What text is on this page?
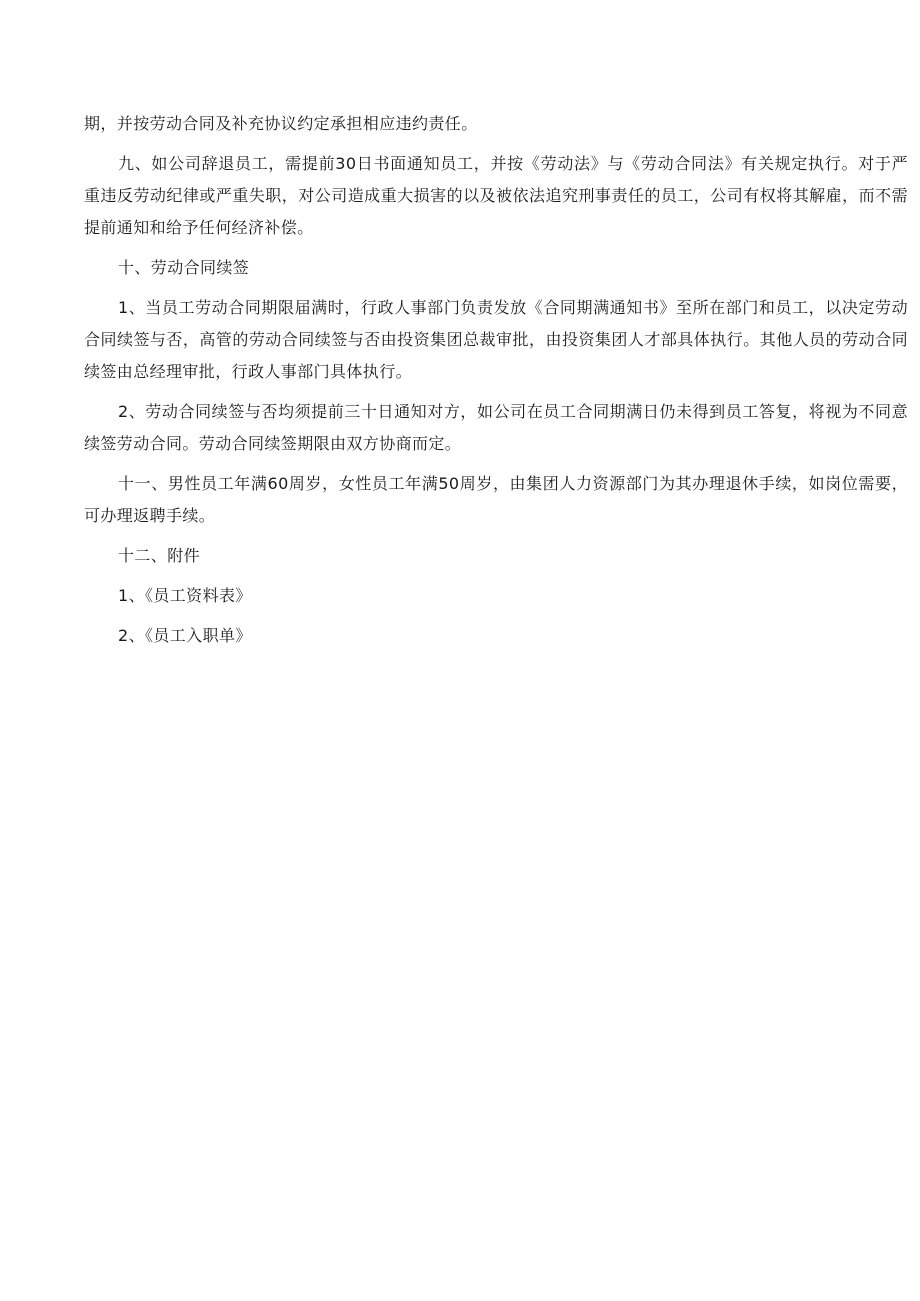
期，并按劳动合同及补充协议约定承担相应违约责任。

九、如公司辞退员工，需提前30日书面通知员工，并按《劳动法》与《劳动合同法》有关规定执行。对于严重违反劳动纪律或严重失职，对公司造成重大损害的以及被依法追究刑事责任的员工，公司有权将其解雇，而不需提前通知和给予任何经济补偿。

十、劳动合同续签

1、当员工劳动合同期限届满时，行政人事部门负责发放《合同期满通知书》至所在部门和员工，以决定劳动合同续签与否，高管的劳动合同续签与否由投资集团总裁审批，由投资集团人才部具体执行。其他人员的劳动合同续签由总经理审批，行政人事部门具体执行。

2、劳动合同续签与否均须提前三十日通知对方，如公司在员工合同期满日仍未得到员工答复，将视为不同意续签劳动合同。劳动合同续签期限由双方协商而定。

十一、男性员工年满60周岁，女性员工年满50周岁，由集团人力资源部门为其办理退休手续，如岗位需要，可办理返聘手续。

十二、附件

1、《员工资料表》

2、《员工入职单》
